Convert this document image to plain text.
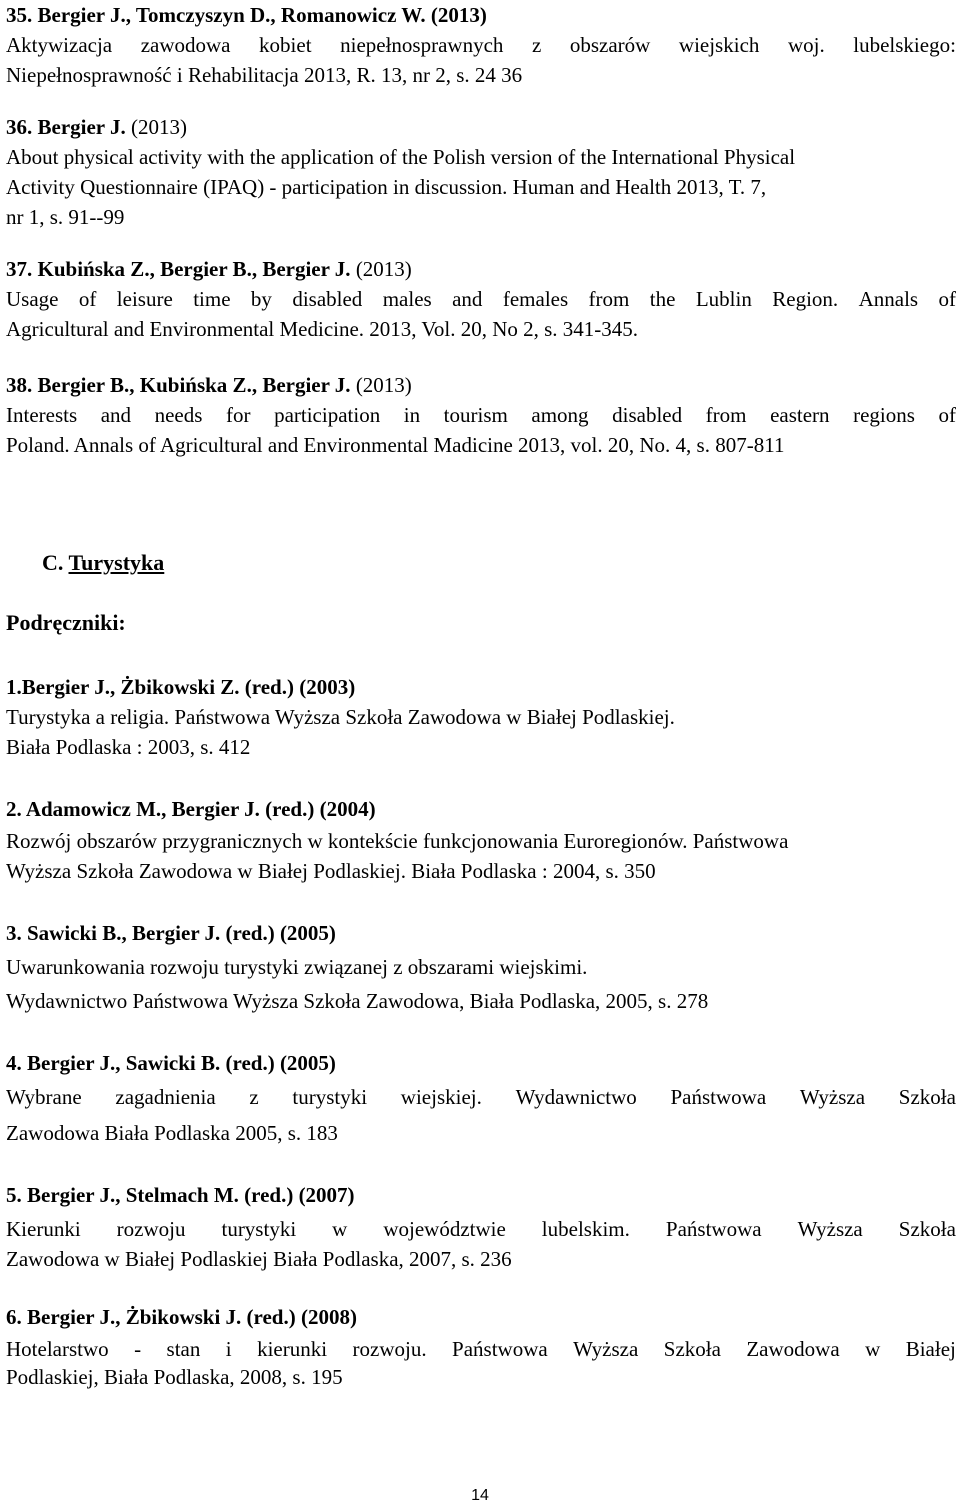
35. Bergier J., Tomczyszyn D., Romanowicz W. (2013)
Aktywizacja zawodowa kobiet niepełnosprawnych z obszarów wiejskich woj. lubelskiego:
Niepełnosprawność i Rehabilitacja 2013, R. 13, nr 2, s. 24 36
36. Bergier J. (2013)
About physical activity with the application of the Polish version of the International Physical
Activity Questionnaire (IPAQ) - participation in discussion. Human and Health 2013, T. 7,
nr 1, s. 91--99
37. Kubińska Z., Bergier B., Bergier J. (2013)
Usage of leisure time by disabled males and females from the Lublin Region. Annals of
Agricultural and Environmental Medicine. 2013, Vol. 20, No 2, s. 341-345.
38. Bergier B., Kubińska Z., Bergier J. (2013)
Interests and needs for participation in tourism among disabled from eastern regions of
Poland. Annals of Agricultural and Environmental Madicine 2013, vol. 20, No. 4, s. 807-811
C. Turystyka
Podręczniki:
1.Bergier J., Żbikowski Z. (red.) (2003)
Turystyka a religia. Państwowa Wyższa Szkoła Zawodowa w Białej Podlaskiej.
Biała Podlaska : 2003, s. 412
2. Adamowicz M., Bergier J. (red.) (2004)
Rozwój obszarów przygranicznych w kontekście funkcjonowania Euroregionów. Państwowa
Wyższa Szkoła Zawodowa w Białej Podlaskiej. Biała Podlaska : 2004, s. 350
3. Sawicki B., Bergier J. (red.) (2005)
Uwarunkowania rozwoju turystyki związanej z obszarami wiejskimi.
Wydawnictwo Państwowa Wyższa Szkoła Zawodowa, Biała Podlaska, 2005, s. 278
4. Bergier J., Sawicki B. (red.) (2005)
Wybrane zagadnienia z turystyki wiejskiej. Wydawnictwo Państwowa Wyższa Szkoła
Zawodowa Biała Podlaska 2005, s. 183
5. Bergier J., Stelmach M. (red.) (2007)
Kierunki rozwoju turystyki w województwie lubelskim. Państwowa Wyższa Szkoła
Zawodowa w Białej Podlaskiej Biała Podlaska, 2007, s. 236
6. Bergier J., Żbikowski J. (red.) (2008)
Hotelarstwo - stan i kierunki rozwoju. Państwowa Wyższa Szkoła Zawodowa w Białej
Podlaskiej, Biała Podlaska, 2008, s. 195
14
